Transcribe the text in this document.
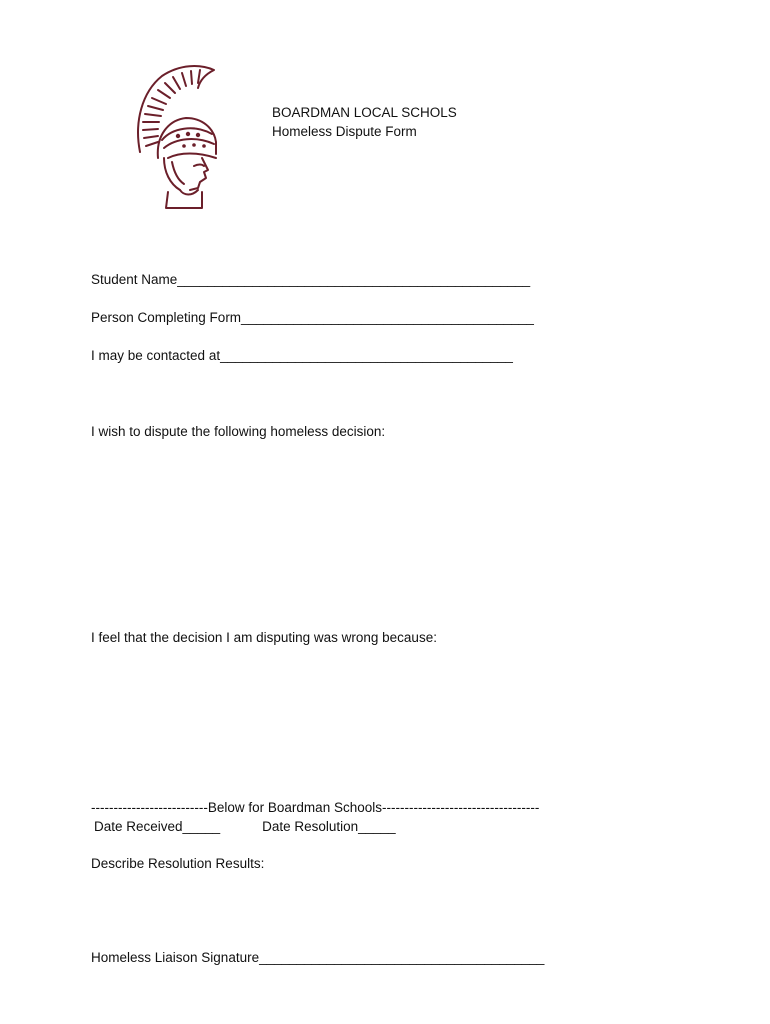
BOARDMAN LOCAL SCHOLS
Homeless Dispute Form
Student Name_______________________________________________
Person Completing Form_______________________________________
I may be contacted at_______________________________________
I wish to dispute the following homeless decision:
I feel that the decision I am disputing was wrong because:
--------------------------Below for Boardman Schools-----------------------------------
Date Received_____	Date Resolution_____
Describe Resolution Results:
Homeless Liaison Signature______________________________________
